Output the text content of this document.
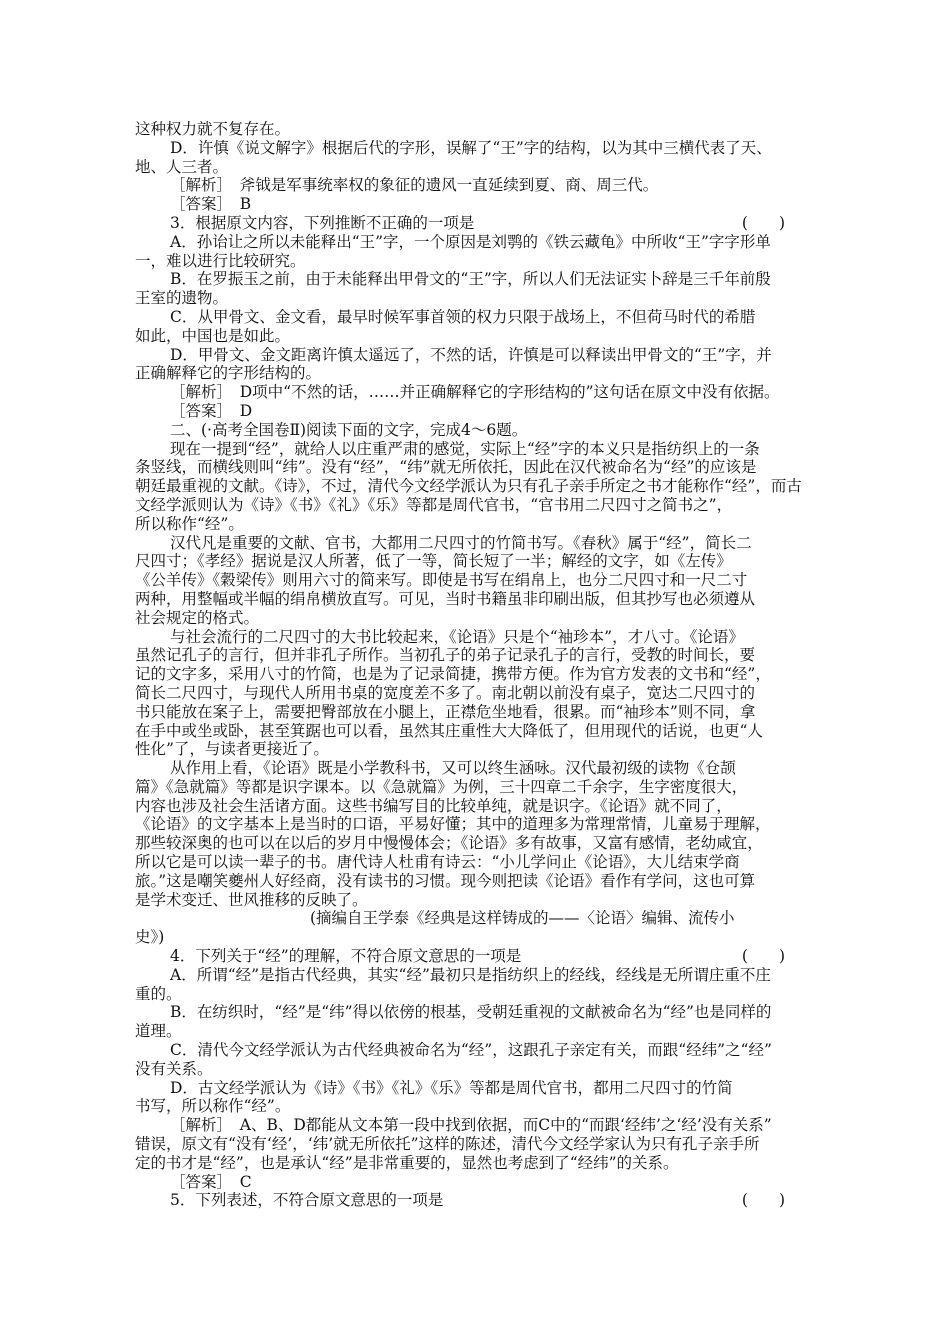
这种权力就不复存在。
D．许慎《说文解字》根据后代的字形，误解了“王”字的结构，以为其中三横代表了天、
地、人三者。
［解析］　斧钺是军事统率权的象征的遗风一直延续到夏、商、周三代。
［答案］　B
3．根据原文内容，下列推断不正确的一项是	(　　)
A．孙诒让之所以未能释出“王”字，一个原因是刘鹗的《铁云藏龟》中所收“王”字字形单
一，难以进行比较研究。
B．在罗振玉之前，由于未能释出甲骨文的“王”字，所以人们无法证实卜辞是三千年前殷
王室的遗物。
C．从甲骨文、金文看，最早时候军事首领的权力只限于战场上，不但荷马时代的希腊
如此，中国也是如此。
D．甲骨文、金文距离许慎太遥远了，不然的话，许慎是可以释读出甲骨文的“王”字，并
正确解释它的字形结构的。
［解析］　D项中“不然的话，……并正确解释它的字形结构的”这句话在原文中没有依据。
［答案］　D
二、(·高考全国卷Ⅱ)阅读下面的文字，完成4～6题。
现在一提到“经”，就给人以庄重严肃的感觉，实际上“经”字的本义只是指纺织上的一条
条竖线，而横线则叫“纬”。没有“经”，“纬”就无所依托，因此在汉代被命名为“经”的应该是
朝廷最重视的文献。《诗》，不过，清代今文经学派认为只有孔子亲手所定之书才能称作“经”，而古
文经学派则认为《诗》《书》《礼》《乐》等都是周代官书，“官书用二尺四寸之简书之”，
所以称作“经”。
汉代凡是重要的文献、官书，大都用二尺四寸的竹简书写。《春秋》属于“经”，简长二
尺四寸；《孝经》据说是汉人所著，低了一等，简长短了一半；解经的文字，如《左传》
《公羊传》《穀梁传》则用六寸的简来写。即使是书写在绢帛上，也分二尺四寸和一尺二寸
两种，用整幅或半幅的绢帛横放直写。可见，当时书籍虽非印刷出版，但其抄写也必须遵从
社会规定的格式。
与社会流行的二尺四寸的大书比较起来，《论语》只是个“袖珍本”，才八寸。《论语》
虽然记孔子的言行，但并非孔子所作。当初孔子的弟子记录孔子的言行，受教的时间长，要
记的文字多，采用八寸的竹简，也是为了记录简捷，携带方便。作为官方发表的文书和“经”，
简长二尺四寸，与现代人所用书桌的宽度差不多了。南北朝以前没有桌子，宽达二尺四寸的
书只能放在案子上，需要把臀部放在小腿上，正襟危坐地看，很累。而“袖珍本”则不同，拿
在手中或坐或卧，甚至箕踞也可以看，虽然其庄重性大大降低了，但用现代的话说，也更“人
性化”了，与读者更接近了。
从作用上看，《论语》既是小学教科书，又可以终生涵咏。汉代最初级的读物《仓颉
篇》《急就篇》等都是识字课本。以《急就篇》为例，三十四章二千余字，生字密度很大，
内容也涉及社会生活诸方面。这些书编写目的比较单纯，就是识字。《论语》就不同了，
《论语》的文字基本上是当时的口语，平易好懂；其中的道理多为常理常情，儿童易于理解，
那些较深奥的也可以在以后的岁月中慢慢体会；《论语》多有故事，又富有感情，老幼咸宜，
所以它是可以读一辈子的书。唐代诗人杜甫有诗云：“小儿学问止《论语》，大儿结束学商
旅。”这是嘲笑夔州人好经商，没有读书的习惯。现今则把读《论语》看作有学问，这也可算
是学术变迁、世风推移的反映了。
(摘编自王学泰《经典是这样铸成的——〈论语〉编辑、流传小
史》)
4．下列关于“经”的理解，不符合原文意思的一项是	(　　)
A．所谓“经”是指古代经典，其实“经”最初只是指纺织上的经线，经线是无所谓庄重不庄
重的。
B．在纺织时，“经”是“纬”得以依傍的根基，受朝廷重视的文献被命名为“经”也是同样的
道理。
C．清代今文经学派认为古代经典被命名为“经”，这跟孔子亲定有关，而跟“经纬”之“经”
没有关系。
D．古文经学派认为《诗》《书》《礼》《乐》等都是周代官书，都用二尺四寸的竹简
书写，所以称作“经”。
［解析］　A、B、D都能从文本第一段中找到依据，而C中的“而跟‘经纬’之‘经’没有关系”
错误，原文有“没有‘经’，‘纬’就无所依托”这样的陈述，清代今文经学家认为只有孔子亲手所
定的书才是“经”，也是承认“经”是非常重要的，显然也考虑到了“经纬”的关系。
［答案］　C
5．下列表述，不符合原文意思的一项是	(　　)
